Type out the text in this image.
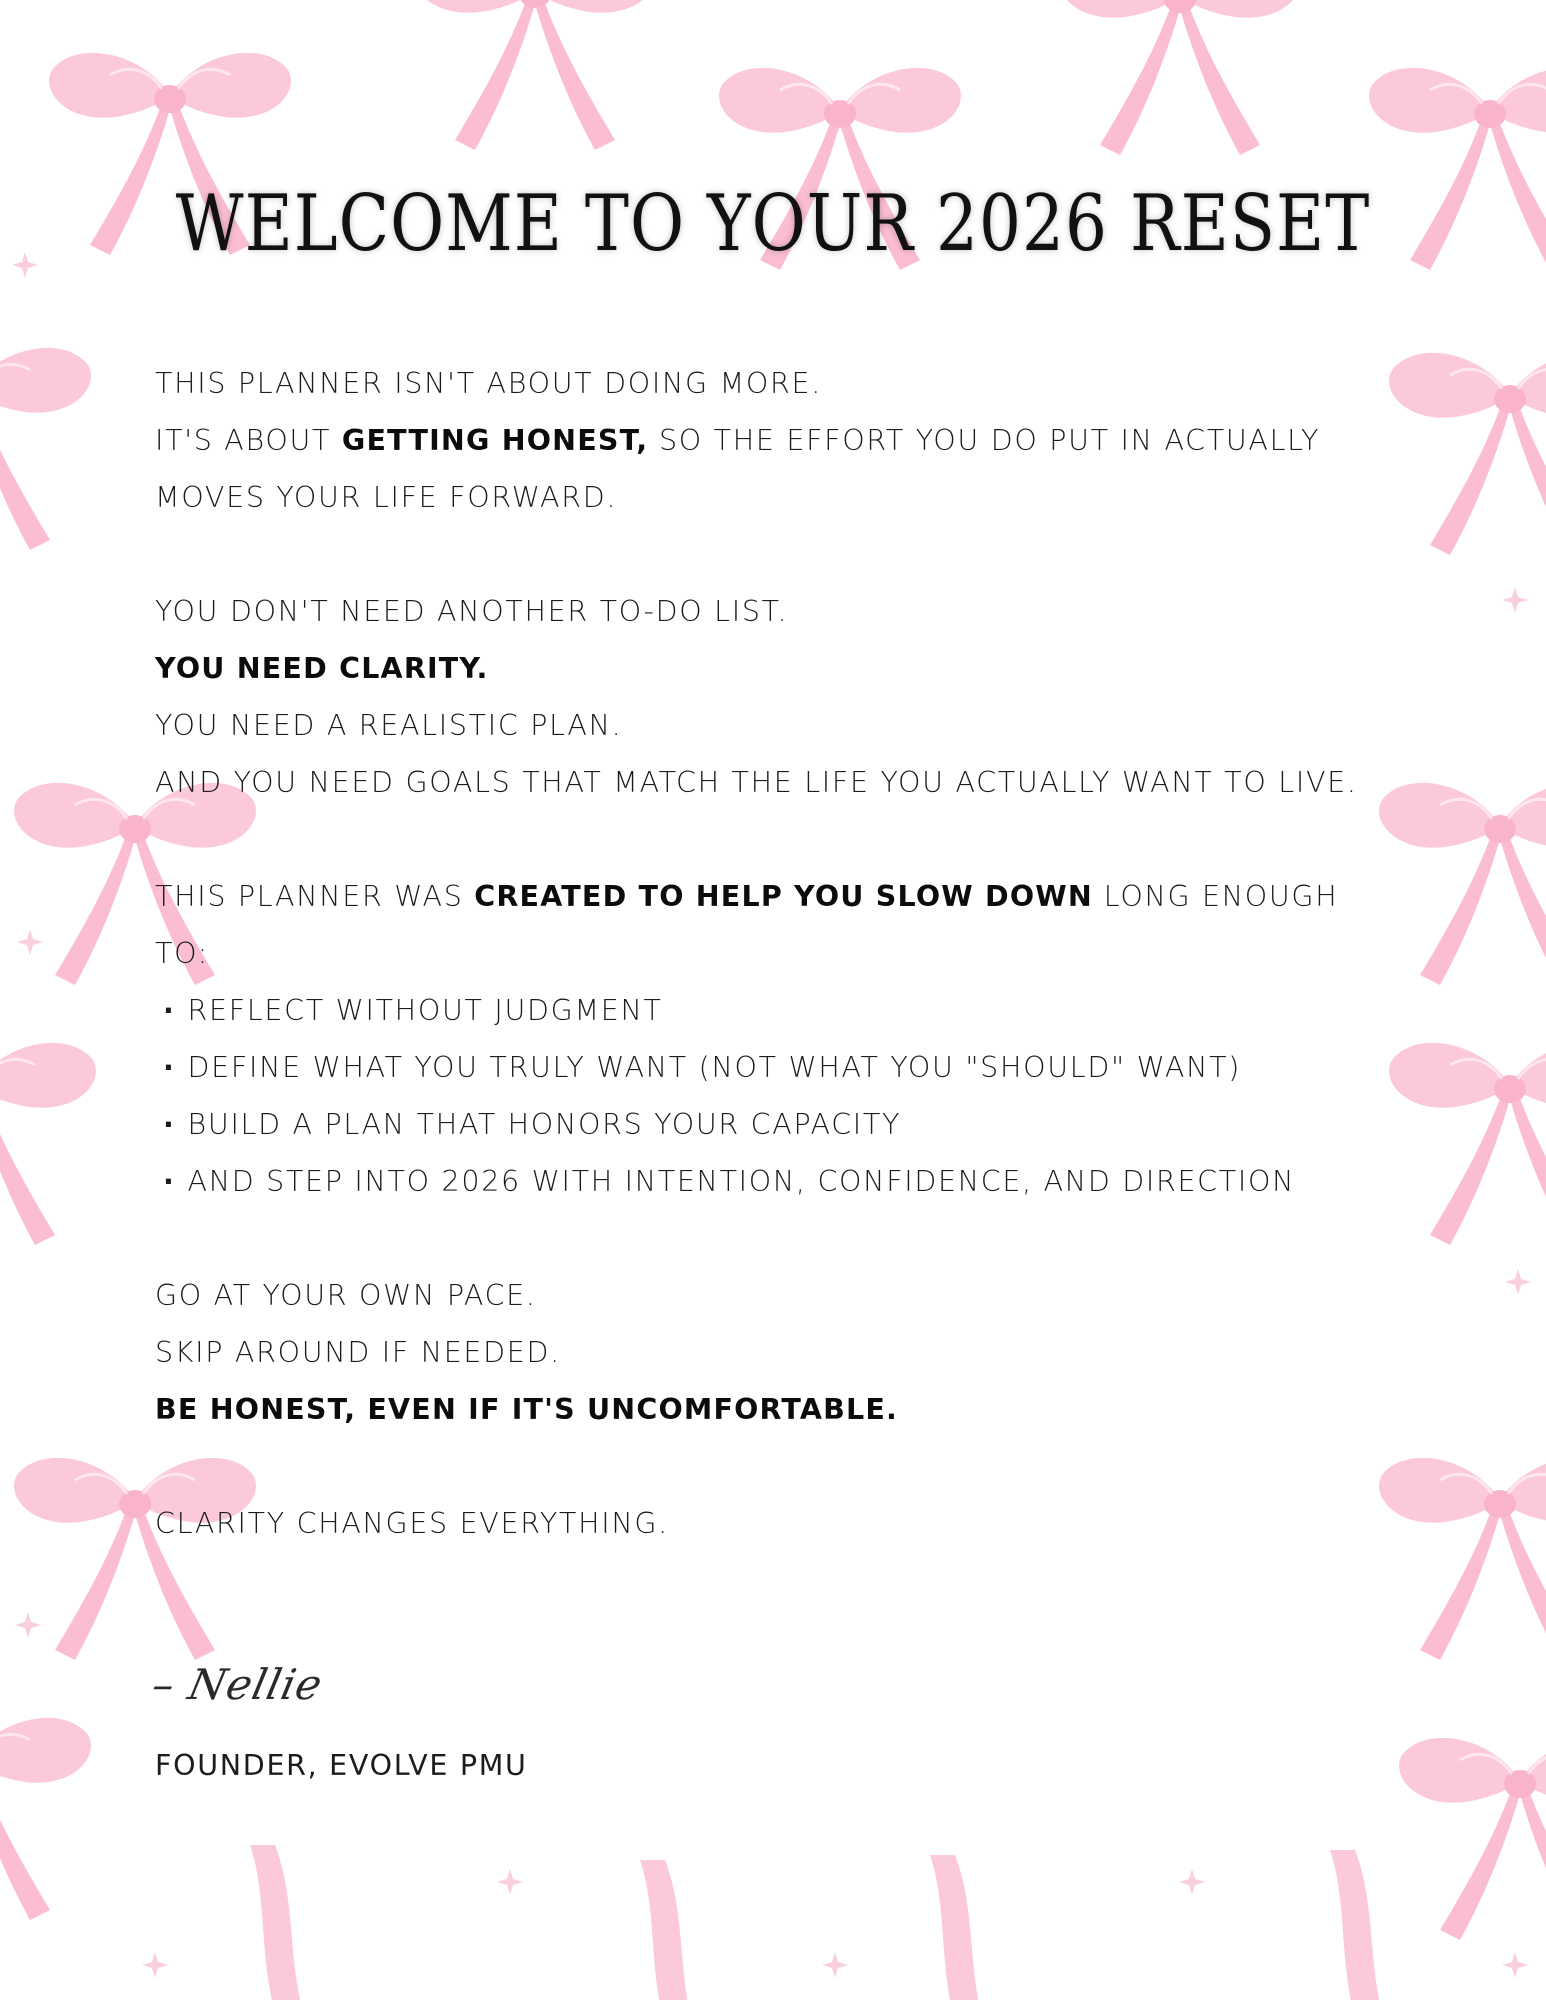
WELCOME TO YOUR 2026 RESET

THIS PLANNER ISN'T ABOUT DOING MORE.

IT'S ABOUT GETTING HONEST, SO THE EFFORT YOU DO PUT IN ACTUALLY MOVES YOUR LIFE FORWARD.

YOU DON'T NEED ANOTHER TO-DO LIST.

YOU NEED CLARITY.

YOU NEED A REALISTIC PLAN.

AND YOU NEED GOALS THAT MATCH THE LIFE YOU ACTUALLY WANT TO LIVE.

THIS PLANNER WAS CREATED TO HELP YOU SLOW DOWN LONG ENOUGH TO:

· REFLECT WITHOUT JUDGMENT
· DEFINE WHAT YOU TRULY WANT (NOT WHAT YOU "SHOULD" WANT)
· BUILD A PLAN THAT HONORS YOUR CAPACITY
· AND STEP INTO 2026 WITH INTENTION, CONFIDENCE, AND DIRECTION

GO AT YOUR OWN PACE.

SKIP AROUND IF NEEDED.

BE HONEST, EVEN IF IT'S UNCOMFORTABLE.

CLARITY CHANGES EVERYTHING.

– Nellie
FOUNDER, EVOLVE PMU
